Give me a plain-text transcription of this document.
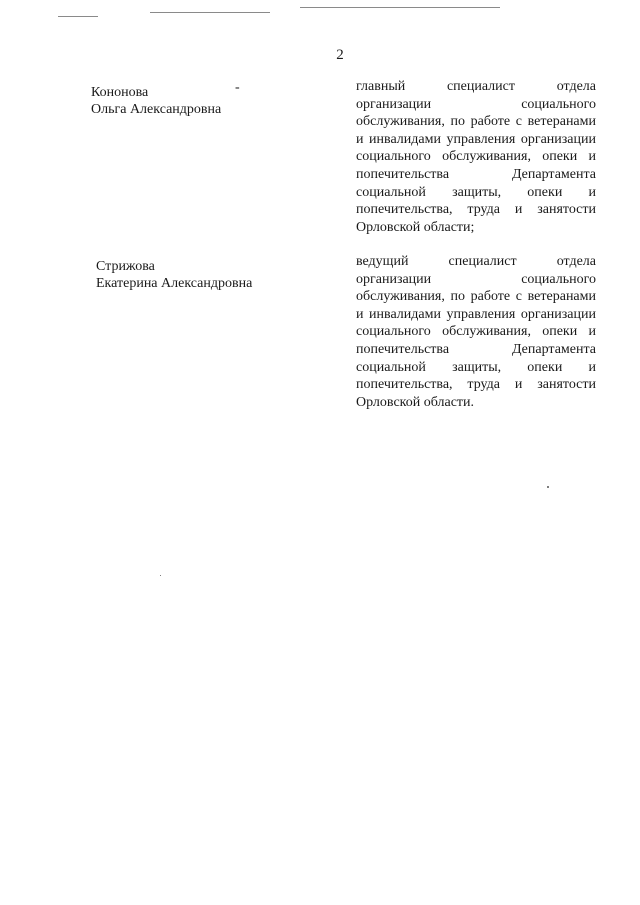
2
Кононова
Ольга Александровна
-	главный специалист отдела организации социального обслуживания, по работе с ветеранами и инвалидами управления организации социального обслуживания, опеки и попечительства Департамента социальной защиты, опеки и попечительства, труда и занятости Орловской области;
Стрижова
Екатерина Александровна
ведущий специалист отдела организации социального обслуживания, по работе с ветеранами и инвалидами управления организации социального обслуживания, опеки и попечительства Департамента социальной защиты, опеки и попечительства, труда и занятости Орловской области.
